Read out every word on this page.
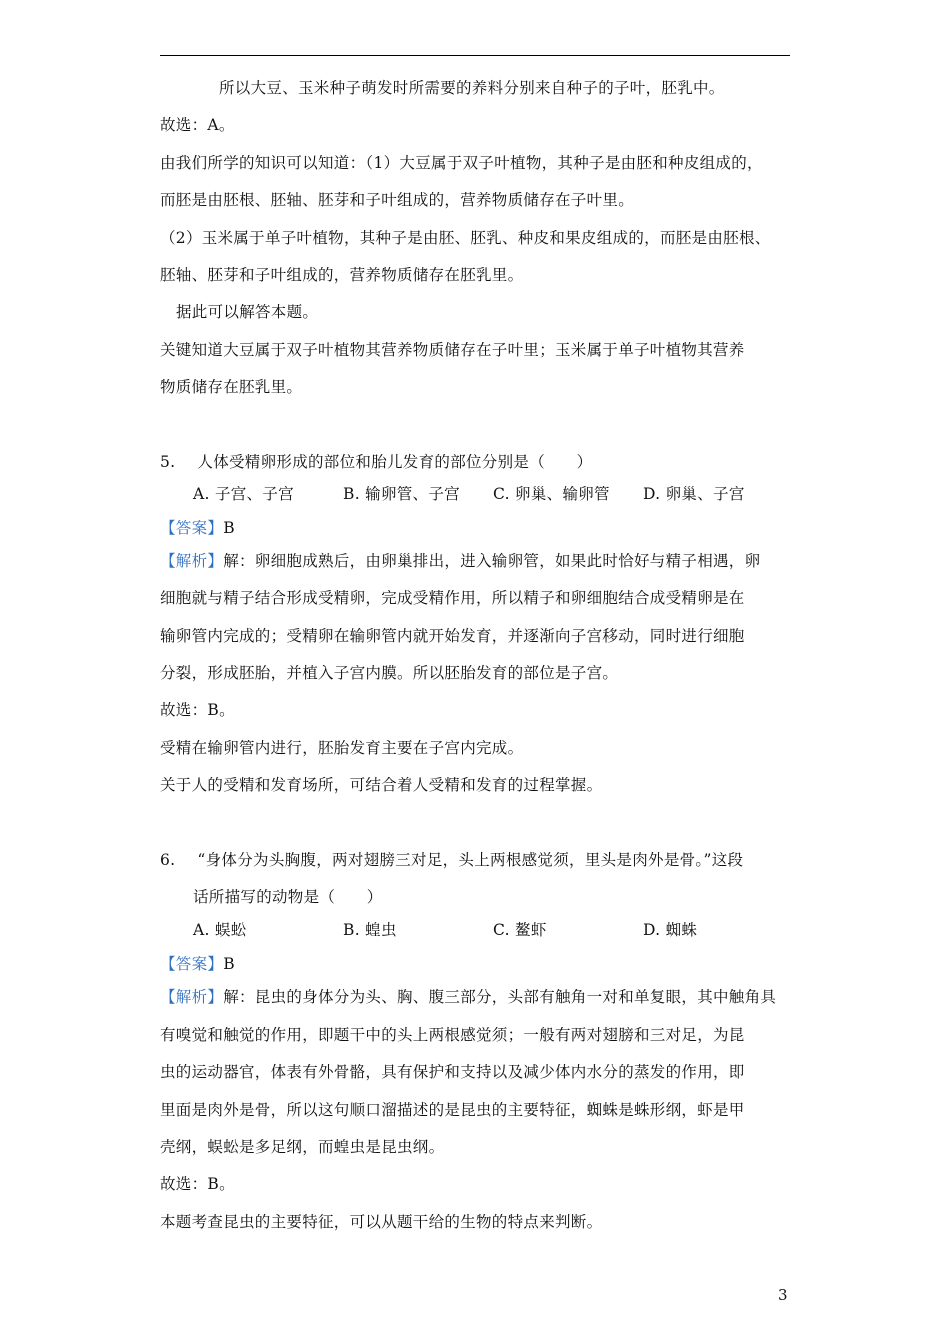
所以大豆、玉米种子萌发时所需要的养料分别来自种子的子叶，胚乳中。
故选：A。
由我们所学的知识可以知道：（1）大豆属于双子叶植物，其种子是由胚和种皮组成的，
而胚是由胚根、胚轴、胚芽和子叶组成的，营养物质储存在子叶里。
（2）玉米属于单子叶植物，其种子是由胚、胚乳、种皮和果皮组成的，而胚是由胚根、
胚轴、胚芽和子叶组成的，营养物质储存在胚乳里。
据此可以解答本题。
关键知道大豆属于双子叶植物其营养物质储存在子叶里；玉米属于单子叶植物其营养
物质储存在胚乳里。
5. 人体受精卵形成的部位和胎儿发育的部位分别是（　　）
A. 子宫、子宫	B. 输卵管、子宫 C. 卵巢、输卵管 D. 卵巢、子宫
【答案】B
【解析】解：卵细胞成熟后，由卵巢排出，进入输卵管，如果此时恰好与精子相遇，卵
细胞就与精子结合形成受精卵，完成受精作用，所以精子和卵细胞结合成受精卵是在
输卵管内完成的；受精卵在输卵管内就开始发育，并逐渐向子宫移动，同时进行细胞
分裂，形成胚胎，并植入子宫内膜。所以胚胎发育的部位是子宫。
故选：B。
受精在输卵管内进行，胚胎发育主要在子宫内完成。
关于人的受精和发育场所，可结合着人受精和发育的过程掌握。
6. “身体分为头胸腹，两对翅膀三对足，头上两根感觉须，里头是肉外是骨。”这段
话所描写的动物是（　　）
A. 蜈蚣	B. 蝗虫	C. 鳌虾	D. 蜘蛛
【答案】B
【解析】解：昆虫的身体分为头、胸、腹三部分，头部有触角一对和单复眼，其中触角具
有嗅觉和触觉的作用，即题干中的头上两根感觉须；一般有两对翅膀和三对足，为昆
虫的运动器官，体表有外骨骼，具有保护和支持以及减少体内水分的蒸发的作用，即
里面是肉外是骨，所以这句顺口溜描述的是昆虫的主要特征，蜘蛛是蛛形纲，虾是甲
壳纲，蜈蚣是多足纲，而蝗虫是昆虫纲。
故选：B。
本题考查昆虫的主要特征，可以从题干给的生物的特点来判断。
3
